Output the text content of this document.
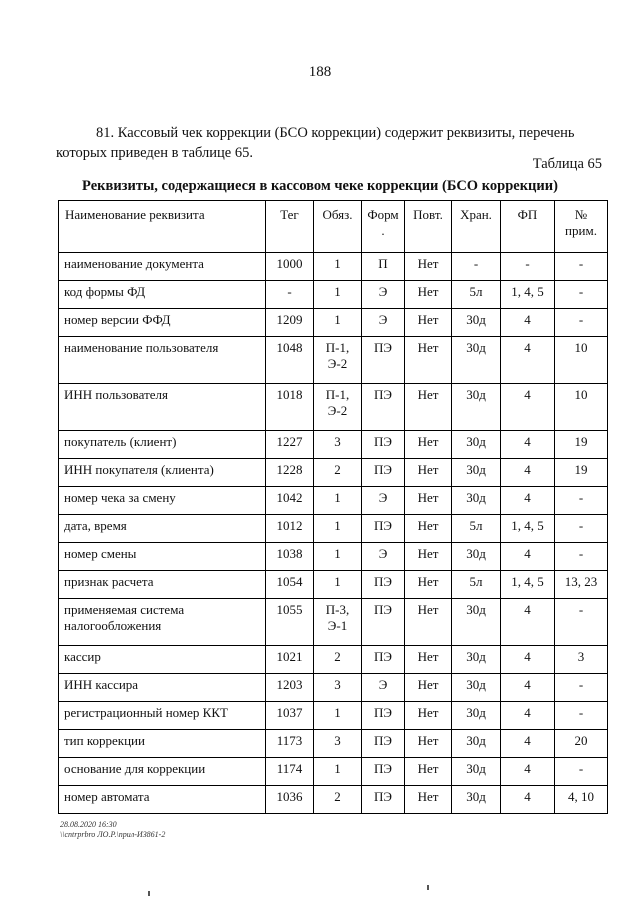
188
81. Кассовый чек коррекции (БСО коррекции) содержит реквизиты, перечень которых приведен в таблице 65.
Таблица 65
Реквизиты, содержащиеся в кассовом чеке коррекции (БСО коррекции)
Наименование реквизита	Тег	Обяз.	Форм .	Повт.	Хран.	ФП	№ прим.
наименование документа	1000	1	П	Нет	-	-	-
код формы ФД	-	1	Э	Нет	5л	1, 4, 5	-
номер версии ФФД	1209	1	Э	Нет	30д	4	-
наименование пользователя	1048	П-1, Э-2	ПЭ	Нет	30д	4	10
ИНН пользователя	1018	П-1, Э-2	ПЭ	Нет	30д	4	10
покупатель (клиент)	1227	3	ПЭ	Нет	30д	4	19
ИНН покупателя (клиента)	1228	2	ПЭ	Нет	30д	4	19
номер чека за смену	1042	1	Э	Нет	30д	4	-
дата, время	1012	1	ПЭ	Нет	5л	1, 4, 5	-
номер смены	1038	1	Э	Нет	30д	4	-
признак расчета	1054	1	ПЭ	Нет	5л	1, 4, 5	13, 23
применяемая система налогообложения	1055	П-3, Э-1	ПЭ	Нет	30д	4	-
кассир	1021	2	ПЭ	Нет	30д	4	3
ИНН кассира	1203	3	Э	Нет	30д	4	-
регистрационный номер ККТ	1037	1	ПЭ	Нет	30д	4	-
тип коррекции	1173	3	ПЭ	Нет	30д	4	20
основание для коррекции	1174	1	ПЭ	Нет	30д	4	-
номер автомата	1036	2	ПЭ	Нет	30д	4	4, 10
28.08.2020 16:30
\\cntrprbro ЛО.Р.\прил-ИЗ861-2
